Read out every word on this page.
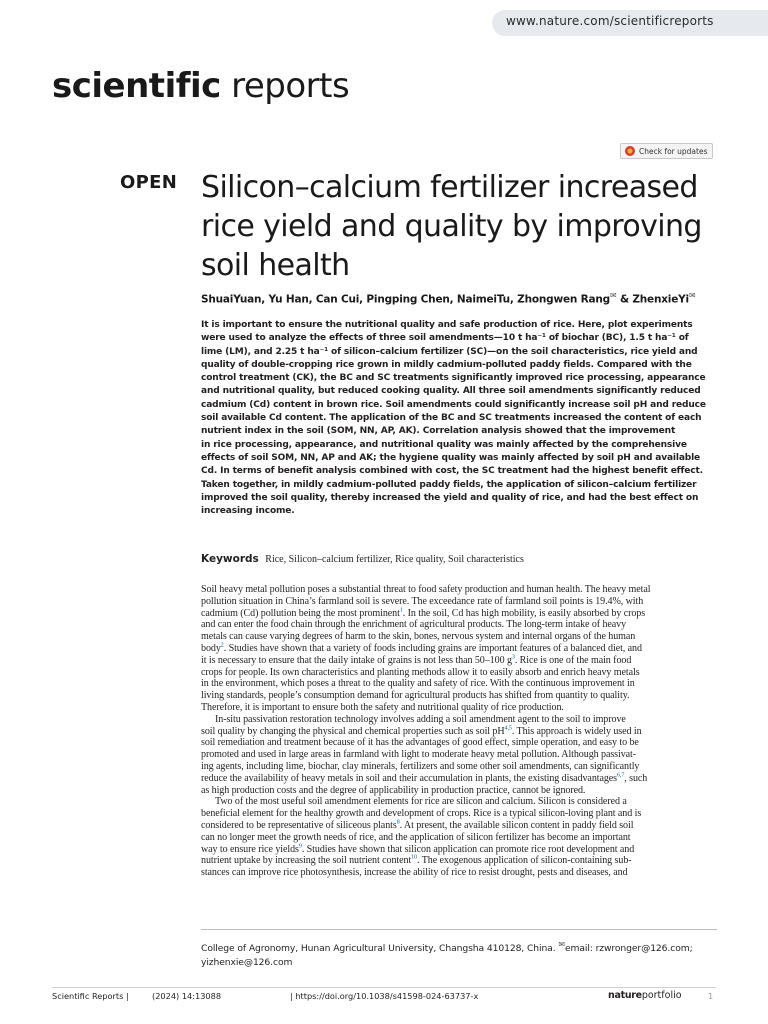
www.nature.com/scientificreports
scientific reports
Check for updates
OPEN Silicon–calcium fertilizer increased
rice yield and quality by improving
soil health
ShuaiYuan, Yu Han, Can Cui, Pingping Chen, NaimeiTu, Zhongwen Rang✉ & ZhenxieYi✉
It is important to ensure the nutritional quality and safe production of rice. Here, plot experiments
were used to analyze the effects of three soil amendments—10 t ha⁻¹ of biochar (BC), 1.5 t ha⁻¹ of
lime (LM), and 2.25 t ha⁻¹ of silicon–calcium fertilizer (SC)—on the soil characteristics, rice yield and
quality of double-cropping rice grown in mildly cadmium-polluted paddy fields. Compared with the
control treatment (CK), the BC and SC treatments significantly improved rice processing, appearance
and nutritional quality, but reduced cooking quality. All three soil amendments significantly reduced
cadmium (Cd) content in brown rice. Soil amendments could significantly increase soil pH and reduce
soil available Cd content. The application of the BC and SC treatments increased the content of each
nutrient index in the soil (SOM, NN, AP, AK). Correlation analysis showed that the improvement
in rice processing, appearance, and nutritional quality was mainly affected by the comprehensive
effects of soil SOM, NN, AP and AK; the hygiene quality was mainly affected by soil pH and available
Cd. In terms of benefit analysis combined with cost, the SC treatment had the highest benefit effect.
Taken together, in mildly cadmium-polluted paddy fields, the application of silicon–calcium fertilizer
improved the soil quality, thereby increased the yield and quality of rice, and had the best effect on
increasing income.
Keywords Rice, Silicon–calcium fertilizer, Rice quality, Soil characteristics
Soil heavy metal pollution poses a substantial threat to food safety production and human health. The heavy metal
pollution situation in China’s farmland soil is severe. The exceedance rate of farmland soil points is 19.4%, with
cadmium (Cd) pollution being the most prominent$^1$. In the soil, Cd has high mobility, is easily absorbed by crops
and can enter the food chain through the enrichment of agricultural products. The long-term intake of heavy
metals can cause varying degrees of harm to the skin, bones, nervous system and internal organs of the human
body$^2$. Studies have shown that a variety of foods including grains are important features of a balanced diet, and
it is necessary to ensure that the daily intake of grains is not less than 50–100 $g^3$. Rice is one of the main food
crops for people. Its own characteristics and planting methods allow it to easily absorb and enrich heavy metals
in the environment, which poses a threat to the quality and safety of rice. With the continuous improvement in
living standards, people’s consumption demand for agricultural products has shifted from quantity to quality.
Therefore, it is important to ensure both the safety and nutritional quality of rice production.
In-situ passivation restoration technology involves adding a soil amendment agent to the soil to improve
soil quality by changing the physical and chemical properties such as soil pH$^{4,5}$. This approach is widely used in
soil remediation and treatment because of it has the advantages of good effect, simple operation, and easy to be
promoted and used in large areas in farmland with light to moderate heavy metal pollution. Although passivat-
ing agents, including lime, biochar, clay minerals, fertilizers and some other soil amendments, can significantly
reduce the availability of heavy metals in soil and their accumulation in plants, the existing disadvantages$^{6,7}$, such
as high production costs and the degree of applicability in production practice, cannot be ignored.
Two of the most useful soil amendment elements for rice are silicon and calcium. Silicon is considered a
beneficial element for the healthy growth and development of crops. Rice is a typical silicon-loving plant and is
considered to be representative of siliceous plants$^8$. At present, the available silicon content in paddy field soil
can no longer meet the growth needs of rice, and the application of silicon fertilizer has become an important
way to ensure rice yields$^9$. Studies have shown that silicon application can promote rice root development and
nutrient uptake by increasing the soil nutrient content$^{10}$. The exogenous application of silicon-containing sub-
stances can improve rice photosynthesis, increase the ability of rice to resist drought, pests and diseases, and
College of Agronomy, Hunan Agricultural University, Changsha 410128, China. ✉email: rzwronger@126.com;
yizhenxie@126.com
Scientific Reports |	(2024) 14:13088	| https://doi.org/10.1038/s41598-024-63737-x	natureportfolio	1
